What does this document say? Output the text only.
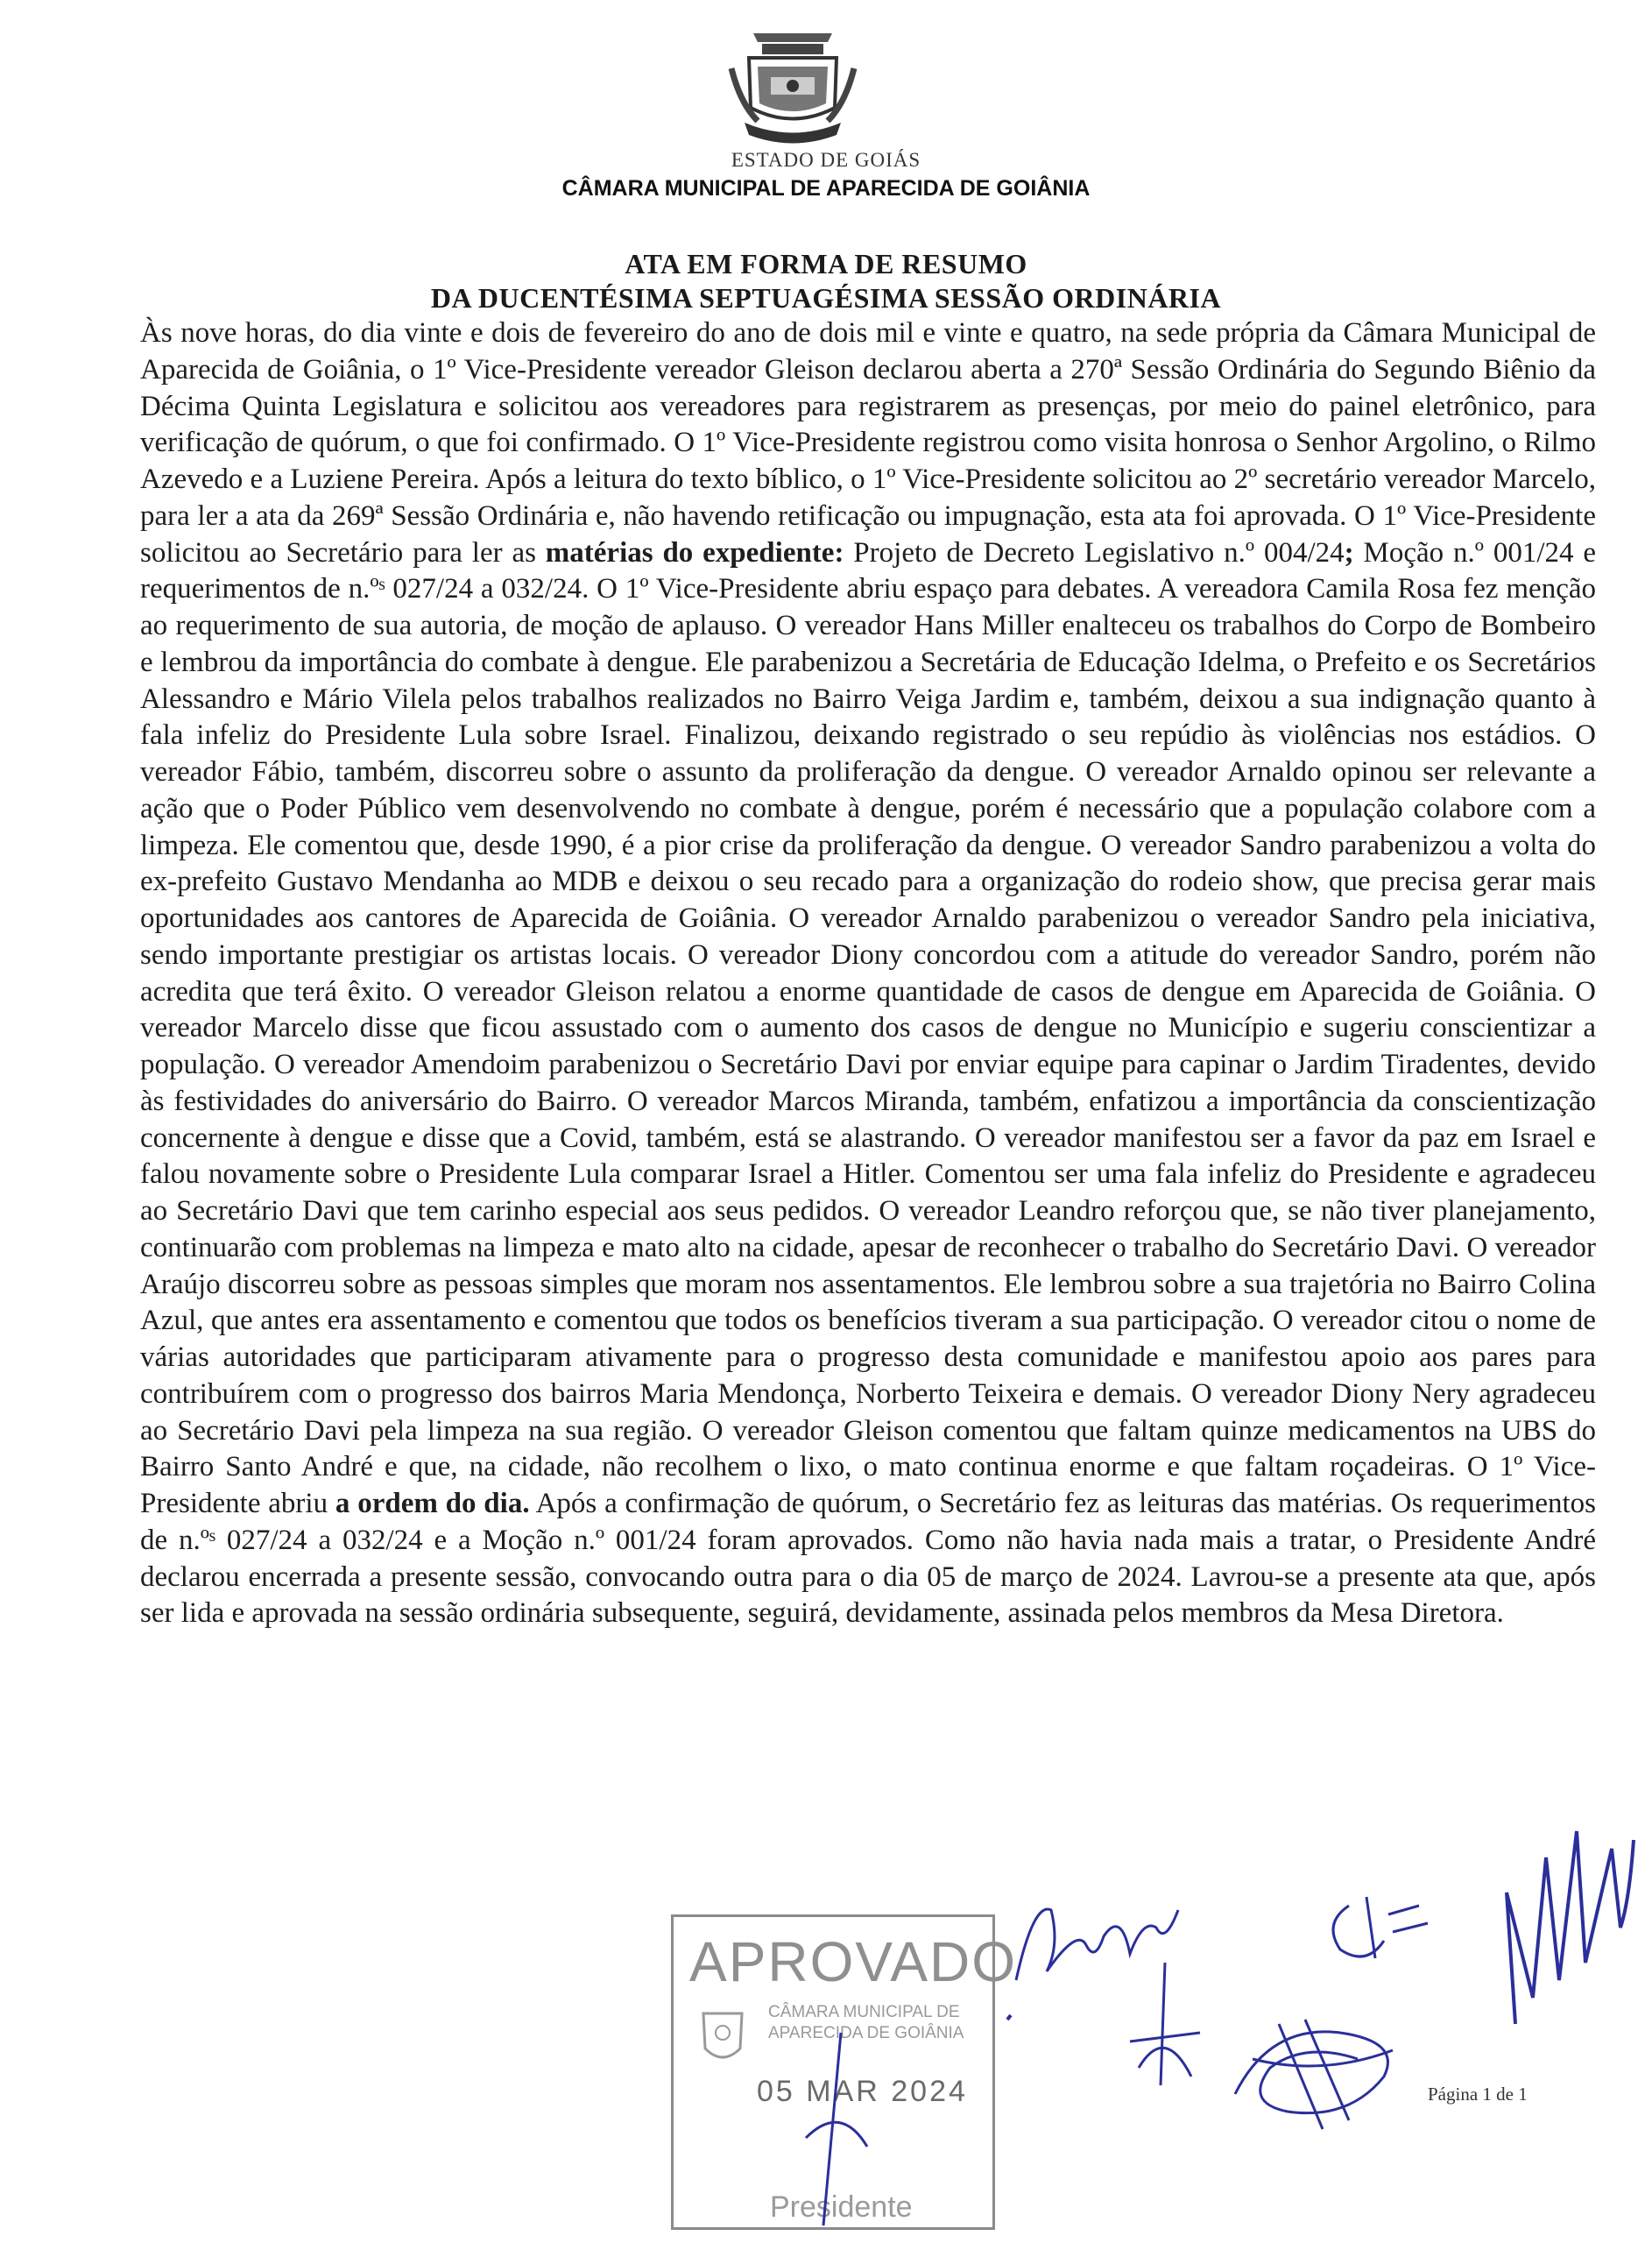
ESTADO DE GOIÁS
CÂMARA MUNICIPAL DE APARECIDA DE GOIÂNIA
ATA EM FORMA DE RESUMO
DA DUCENTÉSIMA SEPTUAGÉSIMA SESSÃO ORDINÁRIA
Às nove horas, do dia vinte e dois de fevereiro do ano de dois mil e vinte e quatro, na sede própria da Câmara Municipal de Aparecida de Goiânia, o 1º Vice-Presidente vereador Gleison declarou aberta a 270ª Sessão Ordinária do Segundo Biênio da Décima Quinta Legislatura e solicitou aos vereadores para registrarem as presenças, por meio do painel eletrônico, para verificação de quórum, o que foi confirmado. O 1º Vice-Presidente registrou como visita honrosa o Senhor Argolino, o Rilmo Azevedo e a Luziene Pereira. Após a leitura do texto bíblico, o 1º Vice-Presidente solicitou ao 2º secretário vereador Marcelo, para ler a ata da 269ª Sessão Ordinária e, não havendo retificação ou impugnação, esta ata foi aprovada. O 1º Vice-Presidente solicitou ao Secretário para ler as matérias do expediente: Projeto de Decreto Legislativo n.º 004/24; Moção n.º 001/24 e requerimentos de n.ºˢ 027/24 a 032/24. O 1º Vice-Presidente abriu espaço para debates. A vereadora Camila Rosa fez menção ao requerimento de sua autoria, de moção de aplauso. O vereador Hans Miller enalteceu os trabalhos do Corpo de Bombeiro e lembrou da importância do combate à dengue. Ele parabenizou a Secretária de Educação Idelma, o Prefeito e os Secretários Alessandro e Mário Vilela pelos trabalhos realizados no Bairro Veiga Jardim e, também, deixou a sua indignação quanto à fala infeliz do Presidente Lula sobre Israel. Finalizou, deixando registrado o seu repúdio às violências nos estádios. O vereador Fábio, também, discorreu sobre o assunto da proliferação da dengue. O vereador Arnaldo opinou ser relevante a ação que o Poder Público vem desenvolvendo no combate à dengue, porém é necessário que a população colabore com a limpeza. Ele comentou que, desde 1990, é a pior crise da proliferação da dengue. O vereador Sandro parabenizou a volta do ex-prefeito Gustavo Mendanha ao MDB e deixou o seu recado para a organização do rodeio show, que precisa gerar mais oportunidades aos cantores de Aparecida de Goiânia. O vereador Arnaldo parabenizou o vereador Sandro pela iniciativa, sendo importante prestigiar os artistas locais. O vereador Diony concordou com a atitude do vereador Sandro, porém não acredita que terá êxito. O vereador Gleison relatou a enorme quantidade de casos de dengue em Aparecida de Goiânia. O vereador Marcelo disse que ficou assustado com o aumento dos casos de dengue no Município e sugeriu conscientizar a população. O vereador Amendoim parabenizou o Secretário Davi por enviar equipe para capinar o Jardim Tiradentes, devido às festividades do aniversário do Bairro. O vereador Marcos Miranda, também, enfatizou a importância da conscientização concernente à dengue e disse que a Covid, também, está se alastrando. O vereador manifestou ser a favor da paz em Israel e falou novamente sobre o Presidente Lula comparar Israel a Hitler. Comentou ser uma fala infeliz do Presidente e agradeceu ao Secretário Davi que tem carinho especial aos seus pedidos. O vereador Leandro reforçou que, se não tiver planejamento, continuarão com problemas na limpeza e mato alto na cidade, apesar de reconhecer o trabalho do Secretário Davi. O vereador Araújo discorreu sobre as pessoas simples que moram nos assentamentos. Ele lembrou sobre a sua trajetória no Bairro Colina Azul, que antes era assentamento e comentou que todos os benefícios tiveram a sua participação. O vereador citou o nome de várias autoridades que participaram ativamente para o progresso desta comunidade e manifestou apoio aos pares para contribuírem com o progresso dos bairros Maria Mendonça, Norberto Teixeira e demais. O vereador Diony Nery agradeceu ao Secretário Davi pela limpeza na sua região. O vereador Gleison comentou que faltam quinze medicamentos na UBS do Bairro Santo André e que, na cidade, não recolhem o lixo, o mato continua enorme e que faltam roçadeiras. O 1º Vice-Presidente abriu a ordem do dia. Após a confirmação de quórum, o Secretário fez as leituras das matérias. Os requerimentos de n.ºˢ 027/24 a 032/24 e a Moção n.º 001/24 foram aprovados. Como não havia nada mais a tratar, o Presidente André declarou encerrada a presente sessão, convocando outra para o dia 05 de março de 2024. Lavrou-se a presente ata que, após ser lida e aprovada na sessão ordinária subsequente, seguirá, devidamente, assinada pelos membros da Mesa Diretora.
APROVADO
CÂMARA MUNICIPAL DE
APARECIDA DE GOIÂNIA
05 MAR 2024
Presidente
Página 1 de 1
